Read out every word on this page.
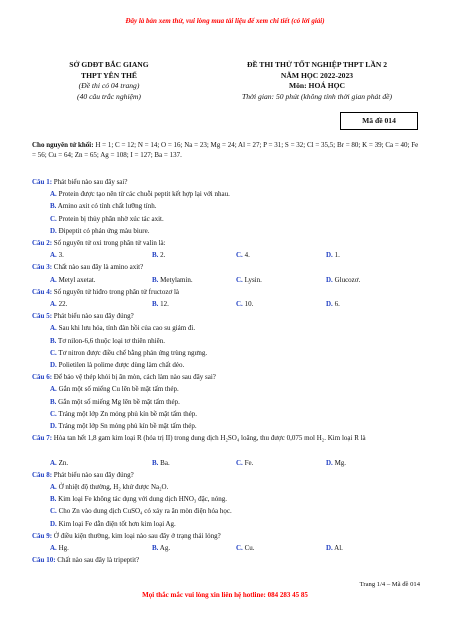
Đây là bản xem thử, vui lòng mua tài liệu để xem chi tiết (có lời giải)
SỞ GDĐT BẮC GIANG
THPT YÊN THẾ
(Đề thi có 04 trang)
(40 câu trắc nghiệm)
ĐỀ THI THỬ TỐT NGHIỆP THPT LẦN 2
NĂM HỌC 2022-2023
Môn: HOÁ HỌC
Thời gian: 50 phút (không tính thời gian phát đề)
Mã đề 014
Cho nguyên tử khối: H = 1; C = 12; N = 14; O = 16; Na = 23; Mg = 24; Al = 27; P = 31; S = 32; Cl = 35,5; Br = 80; K = 39; Ca = 40; Fe = 56; Cu = 64; Zn = 65; Ag = 108; I = 127; Ba = 137.
Câu 1: Phát biểu nào sau đây sai?
A. Protein được tạo nên từ các chuỗi peptit kết hợp lại với nhau.
B. Amino axit có tính chất lưỡng tính.
C. Protein bị thủy phân nhờ xúc tác axit.
D. Đipeptit có phản ứng màu biure.
Câu 2: Số nguyên tử oxi trong phân tử valin là:
A. 3.	B. 2.	C. 4.	D. 1.
Câu 3: Chất nào sau đây là amino axit?
A. Metyl axetat.	B. Metylamin.	C. Lysin.	D. Glucozơ.
Câu 4: Số nguyên tử hiđro trong phân tử fructozơ là
A. 22.	B. 12.	C. 10.	D. 6.
Câu 5: Phát biểu nào sau đây đúng?
A. Sau khi lưu hóa, tính đàn hồi của cao su giảm đi.
B. Tơ nilon-6,6 thuộc loại tơ thiên nhiên.
C. Tơ nitron được điều chế bằng phản ứng trùng ngưng.
D. Polietilen là polime được dùng làm chất dẻo.
Câu 6: Để bảo vệ thép khỏi bị ăn mòn, cách làm nào sau đây sai?
A. Gắn một số miếng Cu lên bề mặt tấm thép.
B. Gắn một số miếng Mg lên bề mặt tấm thép.
C. Tráng một lớp Zn mỏng phủ kín bề mặt tấm thép.
D. Tráng một lớp Sn mỏng phủ kín bề mặt tấm thép.
Câu 7: Hòa tan hết 1,8 gam kim loại R (hóa trị II) trong dung dịch H₂SO₄ loãng, thu được 0,075 mol H₂. Kim loại R là
A. Zn.	B. Ba.	C. Fe.	D. Mg.
Câu 8: Phát biểu nào sau đây đúng?
A. Ở nhiệt độ thường, H₂ khử được Na₂O.
B. Kim loại Fe không tác dụng với dung dịch HNO₃ đặc, nóng.
C. Cho Zn vào dung dịch CuSO₄ có xảy ra ăn mòn điện hóa học.
D. Kim loại Fe dẫn điện tốt hơn kim loại Ag.
Câu 9: Ở điều kiện thường, kim loại nào sau đây ở trạng thái lỏng?
A. Hg.	B. Ag.	C. Cu.	D. Al.
Câu 10: Chất nào sau đây là tripeptit?
Trang 1/4 – Mã đề 014
Mọi thắc mắc vui lòng xin liên hệ hotline: 084 283 45 85
